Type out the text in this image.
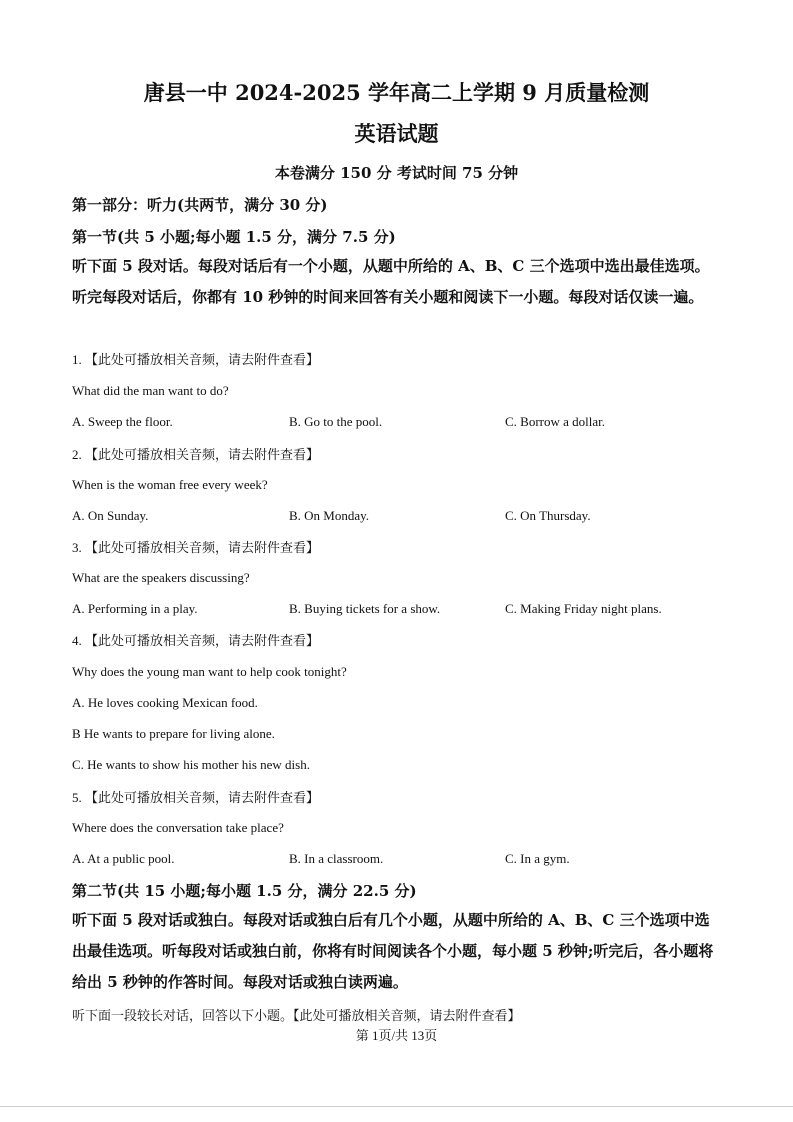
唐县一中 2024-2025 学年高二上学期 9 月质量检测
英语试题
本卷满分 150 分 考试时间 75 分钟
第一部分：听力(共两节，满分 30 分)
第一节(共 5 小题;每小题 1.5 分，满分 7.5 分)
听下面 5 段对话。每段对话后有一个小题，从题中所给的 A、B、C 三个选项中选出最佳选项。听完每段对话后，你都有 10 秒钟的时间来回答有关小题和阅读下一小题。每段对话仅读一遍。
1. 【此处可播放相关音频，请去附件查看】
What did the man want to do?
A. Sweep the floor.	B. Go to the pool.	C. Borrow a dollar.
2. 【此处可播放相关音频，请去附件查看】
When is the woman free every week?
A. On Sunday.	B. On Monday.	C. On Thursday.
3. 【此处可播放相关音频，请去附件查看】
What are the speakers discussing?
A. Performing in a play.	B. Buying tickets for a show.	C. Making Friday night plans.
4. 【此处可播放相关音频，请去附件查看】
Why does the young man want to help cook tonight?
A. He loves cooking Mexican food.
B He wants to prepare for living alone.
C. He wants to show his mother his new dish.
5. 【此处可播放相关音频，请去附件查看】
Where does the conversation take place?
A. At a public pool.	B. In a classroom.	C. In a gym.
第二节(共 15 小题;每小题 1.5 分，满分 22.5 分)
听下面 5 段对话或独白。每段对话或独白后有几个小题，从题中所给的 A、B、C 三个选项中选出最佳选项。听每段对话或独白前，你将有时间阅读各个小题，每小题 5 秒钟;听完后，各小题将给出 5 秒钟的作答时间。每段对话或独白读两遍。
听下面一段较长对话，回答以下小题。【此处可播放相关音频，请去附件查看】
第 1页/共 13页
